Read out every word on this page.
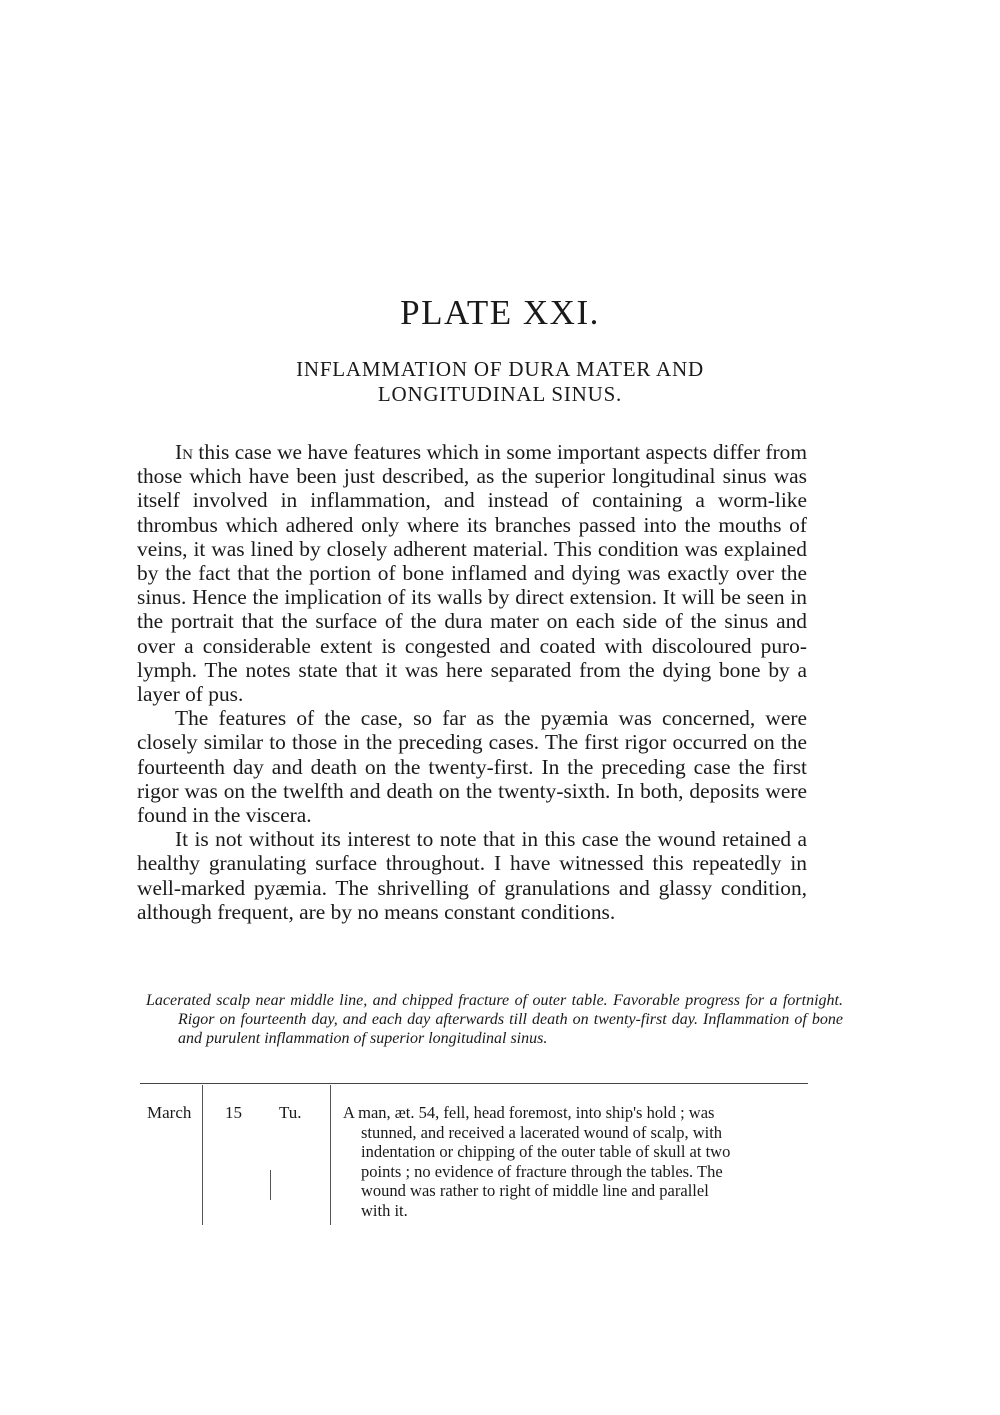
PLATE XXI.
INFLAMMATION OF DURA MATER AND
LONGITUDINAL SINUS.

In this case we have features which in some important aspects differ from those which have been just described, as the superior longitudinal sinus was itself involved in inflammation, and instead of containing a worm-like thrombus which adhered only where its branches passed into the mouths of veins, it was lined by closely adherent material. This condition was explained by the fact that the portion of bone inflamed and dying was exactly over the sinus. Hence the implication of its walls by direct extension. It will be seen in the portrait that the surface of the dura mater on each side of the sinus and over a considerable extent is congested and coated with discoloured puro-lymph. The notes state that it was here separated from the dying bone by a layer of pus.

The features of the case, so far as the pyæmia was concerned, were closely similar to those in the preceding cases. The first rigor occurred on the fourteenth day and death on the twenty-first. In the preceding case the first rigor was on the twelfth and death on the twenty-sixth. In both, deposits were found in the viscera.

It is not without its interest to note that in this case the wound retained a healthy granulating surface throughout. I have witnessed this repeatedly in well-marked pyæmia. The shrivelling of granulations and glassy condition, although frequent, are by no means constant conditions.

Lacerated scalp near middle line, and chipped fracture of outer table. Favorable progress for a fortnight. Rigor on fourteenth day, and each day afterwards till death on twenty-first day. Inflammation of bone and purulent inflammation of superior longitudinal sinus.
March 15 Tu.	A man, æt. 54, fell, head foremost, into ship's hold ; was
stunned, and received a lacerated wound of scalp, with
indentation or chipping of the outer table of skull at two
points ; no evidence of fracture through the tables. The
wound was rather to right of middle line and parallel
with it.
